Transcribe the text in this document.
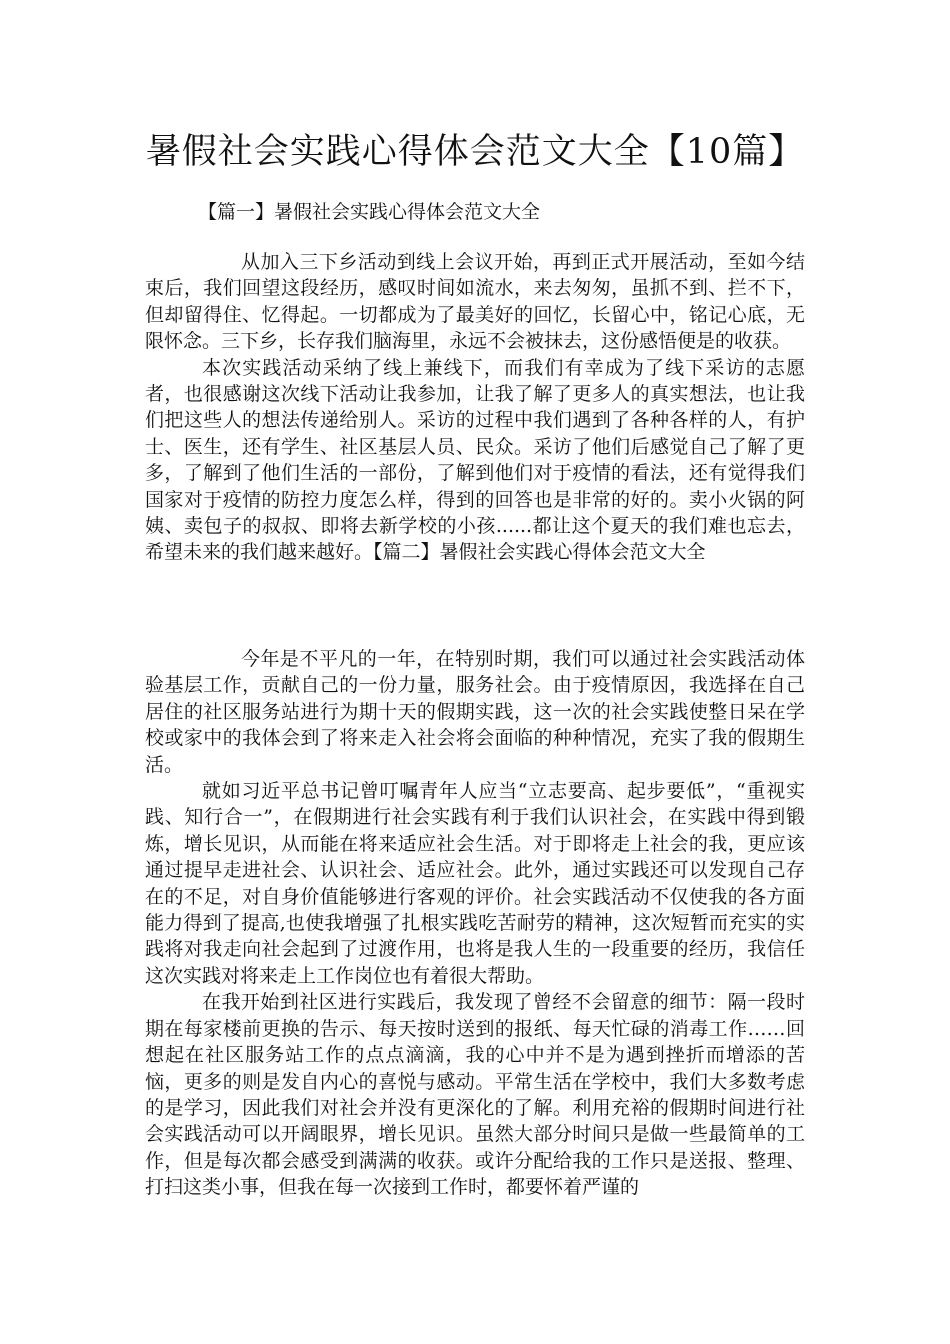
暑假社会实践心得体会范文大全【10篇】
【篇一】暑假社会实践心得体会范文大全

从加入三下乡活动到线上会议开始，再到正式开展活动，至如今结束后，我们回望这段经历，感叹时间如流水，来去匆匆，虽抓不到、拦不下，但却留得住、忆得起。一切都成为了最美好的回忆，长留心中，铭记心底，无限怀念。三下乡，长存我们脑海里，永远不会被抹去，这份感悟便是的收获。

本次实践活动采纳了线上兼线下，而我们有幸成为了线下采访的志愿者，也很感谢这次线下活动让我参加，让我了解了更多人的真实想法，也让我们把这些人的想法传递给别人。采访的过程中我们遇到了各种各样的人，有护士、医生，还有学生、社区基层人员、民众。采访了他们后感觉自己了解了更多，了解到了他们生活的一部份，了解到他们对于疫情的看法，还有觉得我们国家对于疫情的防控力度怎么样，得到的回答也是非常的好的。卖小火锅的阿姨、卖包子的叔叔、即将去新学校的小孩......都让这个夏天的我们难也忘去，希望未来的我们越来越好。【篇二】暑假社会实践心得体会范文大全

今年是不平凡的一年，在特别时期，我们可以通过社会实践活动体验基层工作，贡献自己的一份力量，服务社会。由于疫情原因，我选择在自己居住的社区服务站进行为期十天的假期实践，这一次的社会实践使整日呆在学校或家中的我体会到了将来走入社会将会面临的种种情况，充实了我的假期生活。

就如习近平总书记曾叮嘱青年人应当“立志要高、起步要低”，“重视实践、知行合一”，在假期进行社会实践有利于我们认识社会，在实践中得到锻炼，增长见识，从而能在将来适应社会生活。对于即将走上社会的我，更应该通过提早走进社会、认识社会、适应社会。此外，通过实践还可以发现自己存在的不足，对自身价值能够进行客观的评价。社会实践活动不仅使我的各方面能力得到了提高,也使我增强了扎根实践吃苦耐劳的精神，这次短暂而充实的实践将对我走向社会起到了过渡作用，也将是我人生的一段重要的经历，我信任这次实践对将来走上工作岗位也有着很大帮助。

在我开始到社区进行实践后，我发现了曾经不会留意的细节：隔一段时期在每家楼前更换的告示、每天按时送到的报纸、每天忙碌的消毒工作……回想起在社区服务站工作的点点滴滴，我的心中并不是为遇到挫折而增添的苦恼，更多的则是发自内心的喜悦与感动。平常生活在学校中，我们大多数考虑的是学习，因此我们对社会并没有更深化的了解。利用充裕的假期时间进行社会实践活动可以开阔眼界，增长见识。虽然大部分时间只是做一些最简单的工作，但是每次都会感受到满满的收获。或许分配给我的工作只是送报、整理、打扫这类小事，但我在每一次接到工作时，都要怀着严谨的
